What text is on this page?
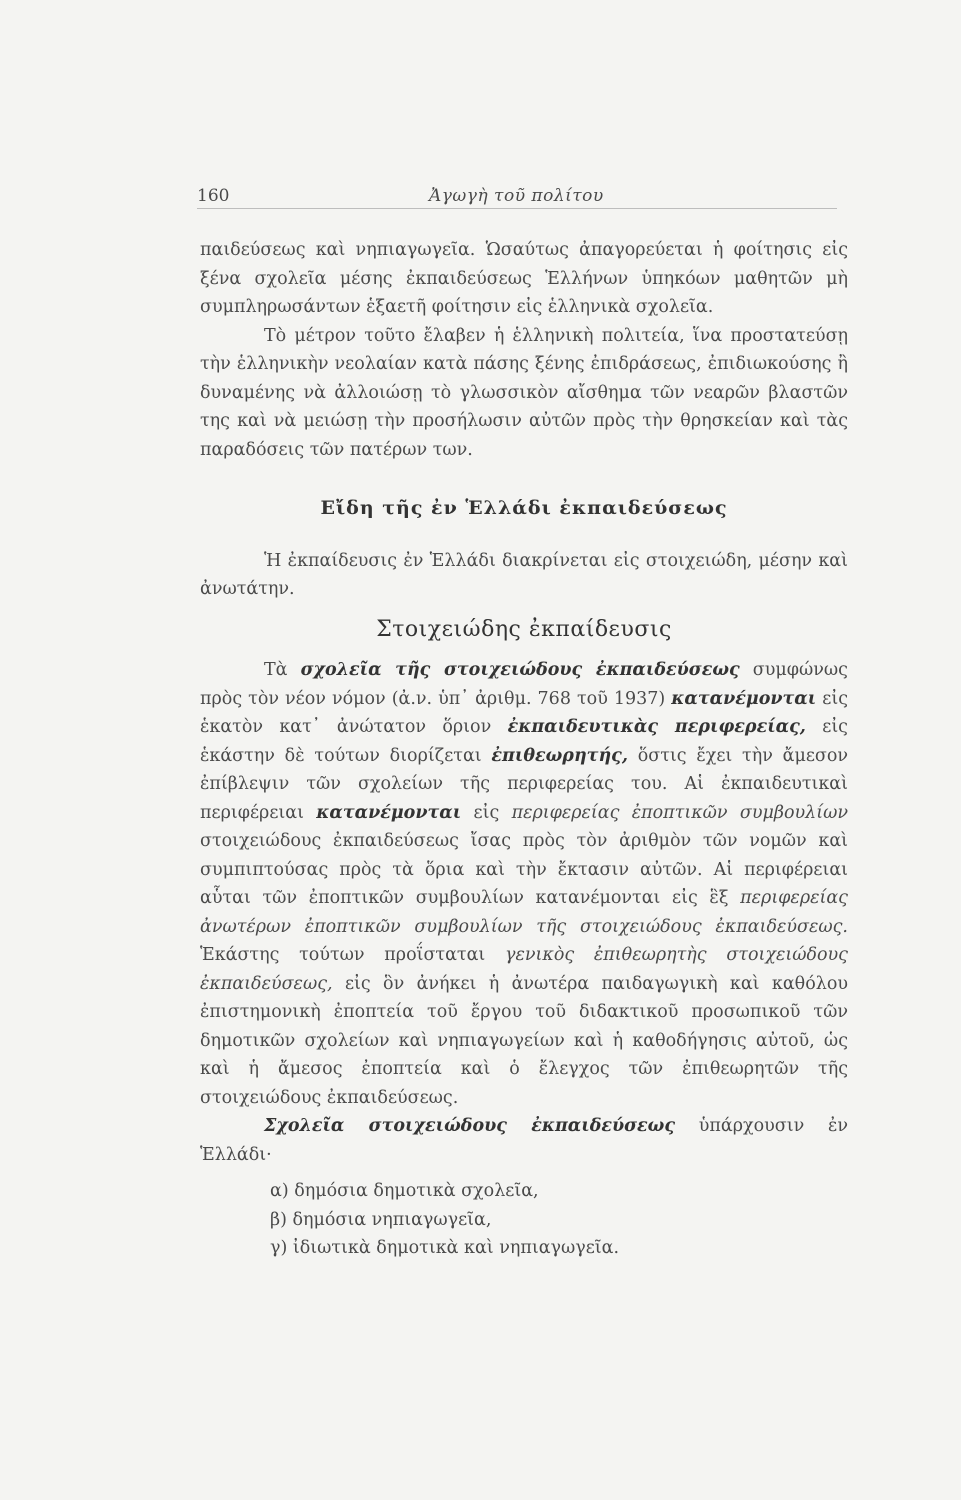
160	Ἀγωγὴ τοῦ πολίτου

παιδεύσεως καὶ νηπιαγωγεῖα. Ὡσαύτως ἀπαγορεύεται ἡ φοίτησις εἰς ξένα σχολεῖα μέσης ἐκπαιδεύσεως Ἑλλήνων ὑπηκόων μαθητῶν μὴ συμπληρωσάντων ἑξαετῆ φοίτησιν εἰς ἑλληνικὰ σχολεῖα.

Τὸ μέτρον τοῦτο ἔλαβεν ἡ ἑλληνικὴ πολιτεία, ἵνα προστατεύσῃ τὴν ἑλληνικὴν νεολαίαν κατὰ πάσης ξένης ἐπιδράσεως, ἐπιδιωκούσης ἢ δυναμένης νὰ ἀλλοιώσῃ τὸ γλωσσικὸν αἴσθημα τῶν νεαρῶν βλαστῶν της καὶ νὰ μειώσῃ τὴν προσήλωσιν αὐτῶν πρὸς τὴν θρησκείαν καὶ τὰς παραδόσεις τῶν πατέρων των.

Εἴδη τῆς ἐν Ἑλλάδι ἐκπαιδεύσεως

Ἡ ἐκπαίδευσις ἐν Ἑλλάδι διακρίνεται εἰς στοιχειώδη, μέσην καὶ ἀνωτάτην.

Στοιχειώδης ἐκπαίδευσις

Τὰ σχολεῖα τῆς στοιχειώδους ἐκπαιδεύσεως συμφώνως πρὸς τὸν νέον νόμον (ἀ.ν. ὑπ᾽ ἀριθμ. 768 τοῦ 1937) κατανέμονται εἰς ἑκατὸν κατ᾽ ἀνώτατον ὅριον ἐκπαιδευτικὰς περιφερείας, εἰς ἑκάστην δὲ τούτων διορίζεται ἐπιθεωρητής, ὅστις ἔχει τὴν ἄμεσον ἐπίβλεψιν τῶν σχολείων τῆς περιφερείας του. Αἱ ἐκπαιδευτικαὶ περιφέρειαι κατανέμονται εἰς περιφερείας ἐποπτικῶν συμβουλίων στοιχειώδους ἐκπαιδεύσεως ἴσας πρὸς τὸν ἀριθμὸν τῶν νομῶν καὶ συμπιπτούσας πρὸς τὰ ὅρια καὶ τὴν ἔκτασιν αὐτῶν. Αἱ περιφέρειαι αὗται τῶν ἐποπτικῶν συμβουλίων κατανέμονται εἰς ἓξ περιφερείας ἀνωτέρων ἐποπτικῶν συμβουλίων τῆς στοιχειώδους ἐκπαιδεύσεως. Ἑκάστης τούτων προΐσταται γενικὸς ἐπιθεωρητὴς στοιχειώδους ἐκπαιδεύσεως, εἰς ὃν ἀνήκει ἡ ἀνωτέρα παιδαγωγικὴ καὶ καθόλου ἐπιστημονικὴ ἐποπτεία τοῦ ἔργου τοῦ διδακτικοῦ προσωπικοῦ τῶν δημοτικῶν σχολείων καὶ νηπιαγωγείων καὶ ἡ καθοδήγησις αὐτοῦ, ὡς καὶ ἡ ἄμεσος ἐποπτεία καὶ ὁ ἔλεγχος τῶν ἐπιθεωρητῶν τῆς στοιχειώδους ἐκπαιδεύσεως.

Σχολεῖα στοιχειώδους ἐκπαιδεύσεως ὑπάρχουσιν ἐν Ἑλλάδι·

α) δημόσια δημοτικὰ σχολεῖα,
β) δημόσια νηπιαγωγεῖα,
γ) ἰδιωτικὰ δημοτικὰ καὶ νηπιαγωγεῖα.
